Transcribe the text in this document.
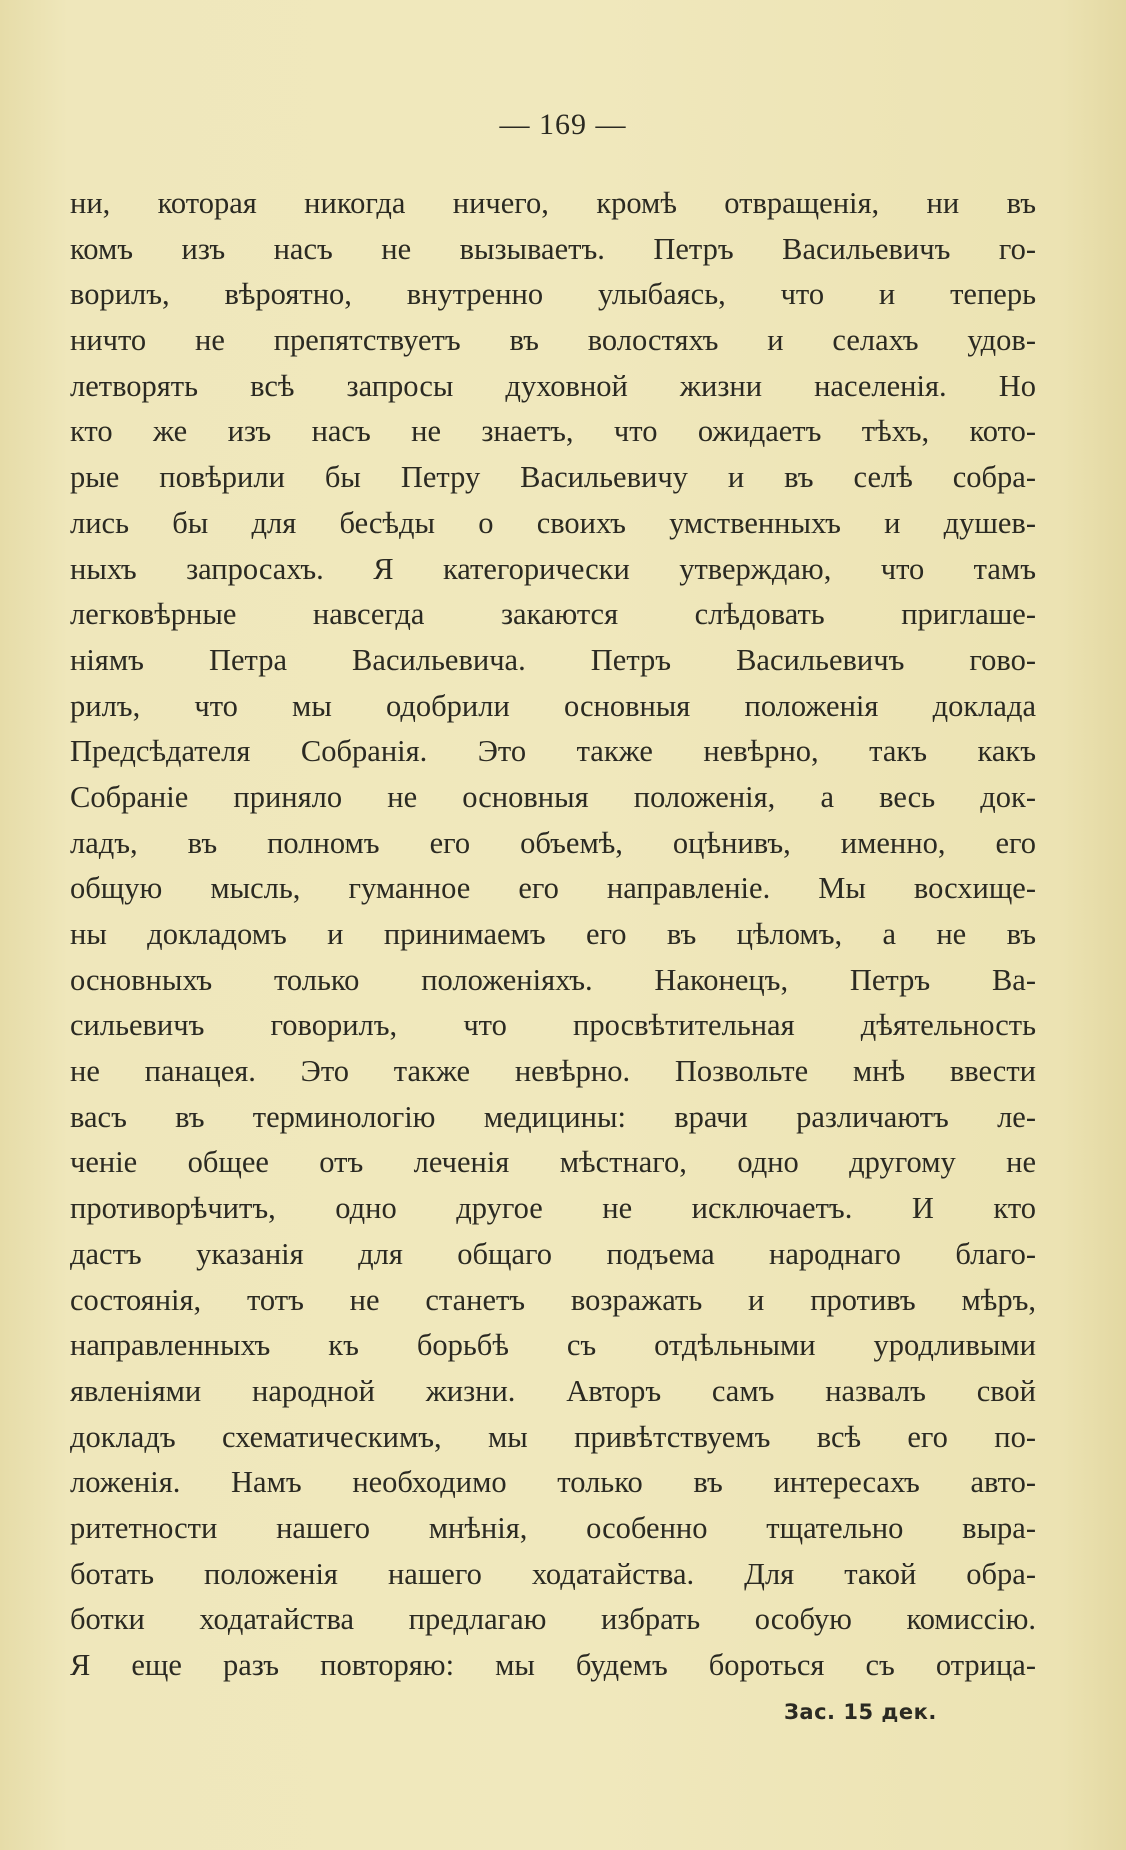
— 169 —
ни, которая никогда ничего, кромѣ отвращенія, ни въ
комъ изъ насъ не вызываетъ. Петръ Васильевичъ го-
ворилъ, вѣроятно, внутренно улыбаясь, что и теперь
ничто не препятствуетъ въ волостяхъ и селахъ удов-
летворять всѣ запросы духовной жизни населенія. Но
кто же изъ насъ не знаетъ, что ожидаетъ тѣхъ, кото-
рые повѣрили бы Петру Васильевичу и въ селѣ собра-
лись бы для бесѣды о своихъ умственныхъ и душев-
ныхъ запросахъ. Я категорически утверждаю, что тамъ
легковѣрные навсегда закаются слѣдовать приглаше-
ніямъ Петра Васильевича. Петръ Васильевичъ гово-
рилъ, что мы одобрили основныя положенія доклада
Предсѣдателя Собранія. Это также невѣрно, такъ какъ
Собраніе приняло не основныя положенія, а весь док-
ладъ, въ полномъ его объемѣ, оцѣнивъ, именно, его
общую мысль, гуманное его направленіе. Мы восхище-
ны докладомъ и принимаемъ его въ цѣломъ, а не въ
основныхъ только положеніяхъ. Наконецъ, Петръ Ва-
сильевичъ говорилъ, что просвѣтительная дѣятельность
не панацея. Это также невѣрно. Позвольте мнѣ ввести
васъ въ терминологію медицины: врачи различаютъ ле-
ченіе общее отъ леченія мѣстнаго, одно другому не
противорѣчитъ, одно другое не исключаетъ. И кто
дастъ указанія для общаго подъема народнаго благо-
состоянія, тотъ не станетъ возражать и противъ мѣръ,
направленныхъ къ борьбѣ съ отдѣльными уродливыми
явленіями народной жизни. Авторъ самъ назвалъ свой
докладъ схематическимъ, мы привѣтствуемъ всѣ его по-
ложенія. Намъ необходимо только въ интересахъ авто-
ритетности нашего мнѣнія, особенно тщательно выра-
ботать положенія нашего ходатайства. Для такой обра-
ботки ходатайства предлагаю избрать особую комиссію.
Я еще разъ повторяю: мы будемъ бороться съ отрица-
Зас. 15 дек.
